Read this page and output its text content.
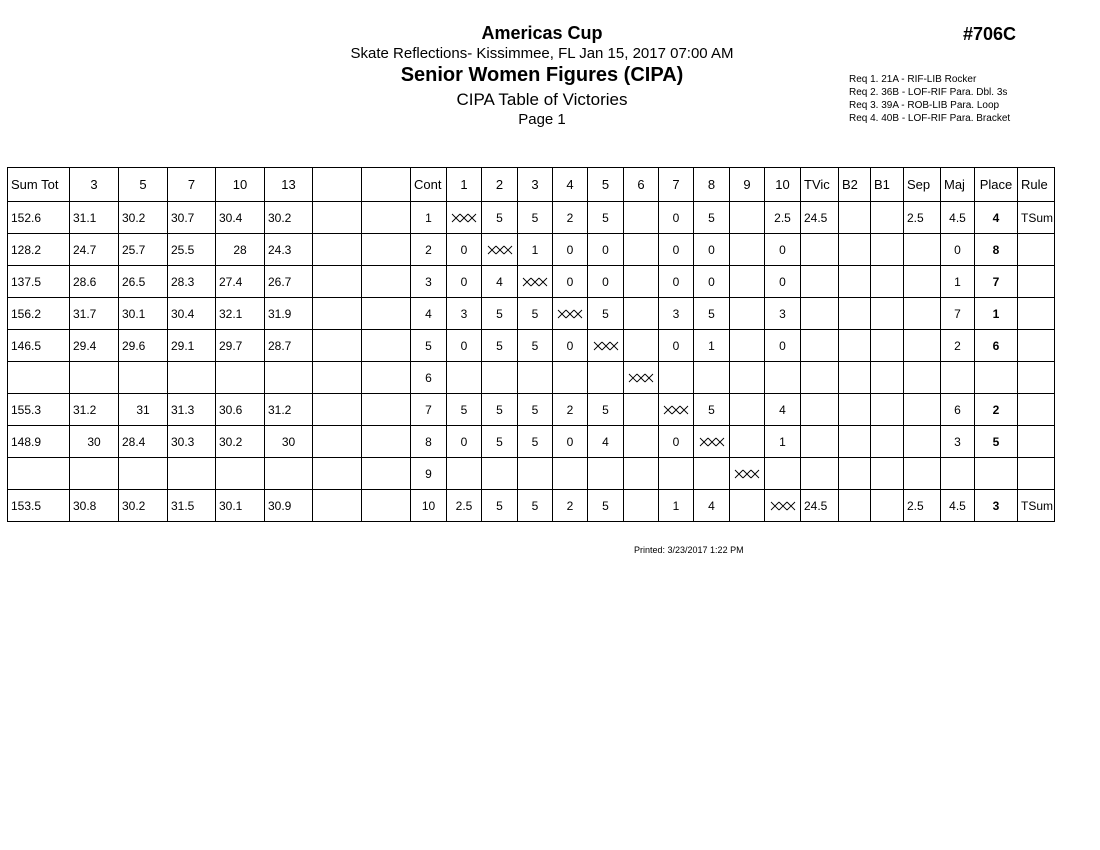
Americas Cup
Skate Reflections- Kissimmee, FL Jan 15, 2017 07:00 AM
Senior Women Figures (CIPA)
CIPA Table of Victories
Page 1
#706C
Req 1. 21A - RIF-LIB Rocker
Req 2. 36B - LOF-RIF Para. Dbl. 3s
Req 3. 39A - ROB-LIB Para. Loop
Req 4. 40B - LOF-RIF Para. Bracket
Sum Tot	3	5	7	10	13			Cont	1	2	3	4	5	6	7	8	9	10	TVic	B2	B1	Sep	Maj	Place	Rule
152.6	31.1	30.2	30.7	30.4	30.2			1		5	5	2	5		0	5		2.5	24.5			2.5	4.5	4	TSum
128.2	24.7	25.7	25.5	28	24.3			2	0		1	0	0		0	0		0					0	8	
137.5	28.6	26.5	28.3	27.4	26.7			3	0	4		0	0		0	0		0					1	7	
156.2	31.7	30.1	30.4	32.1	31.9			4	3	5	5		5		3	5		3					7	1	
146.5	29.4	29.6	29.1	29.7	28.7			5	0	5	5	0			0	1		0					2	6	
								6						

155.3	31.2	31	31.3	30.6	31.2			7	5	5	5	2	5			5		4					6	2	
148.9	30	28.4	30.3	30.2	30			8	0	5	5	0	4		0			1					3	5	
								9									

153.5	30.8	30.2	31.5	30.1	30.9			10	2.5	5	5	2	5		1	4			24.5			2.5	4.5	3	TSum
Printed: 3/23/2017 1:22 PM
